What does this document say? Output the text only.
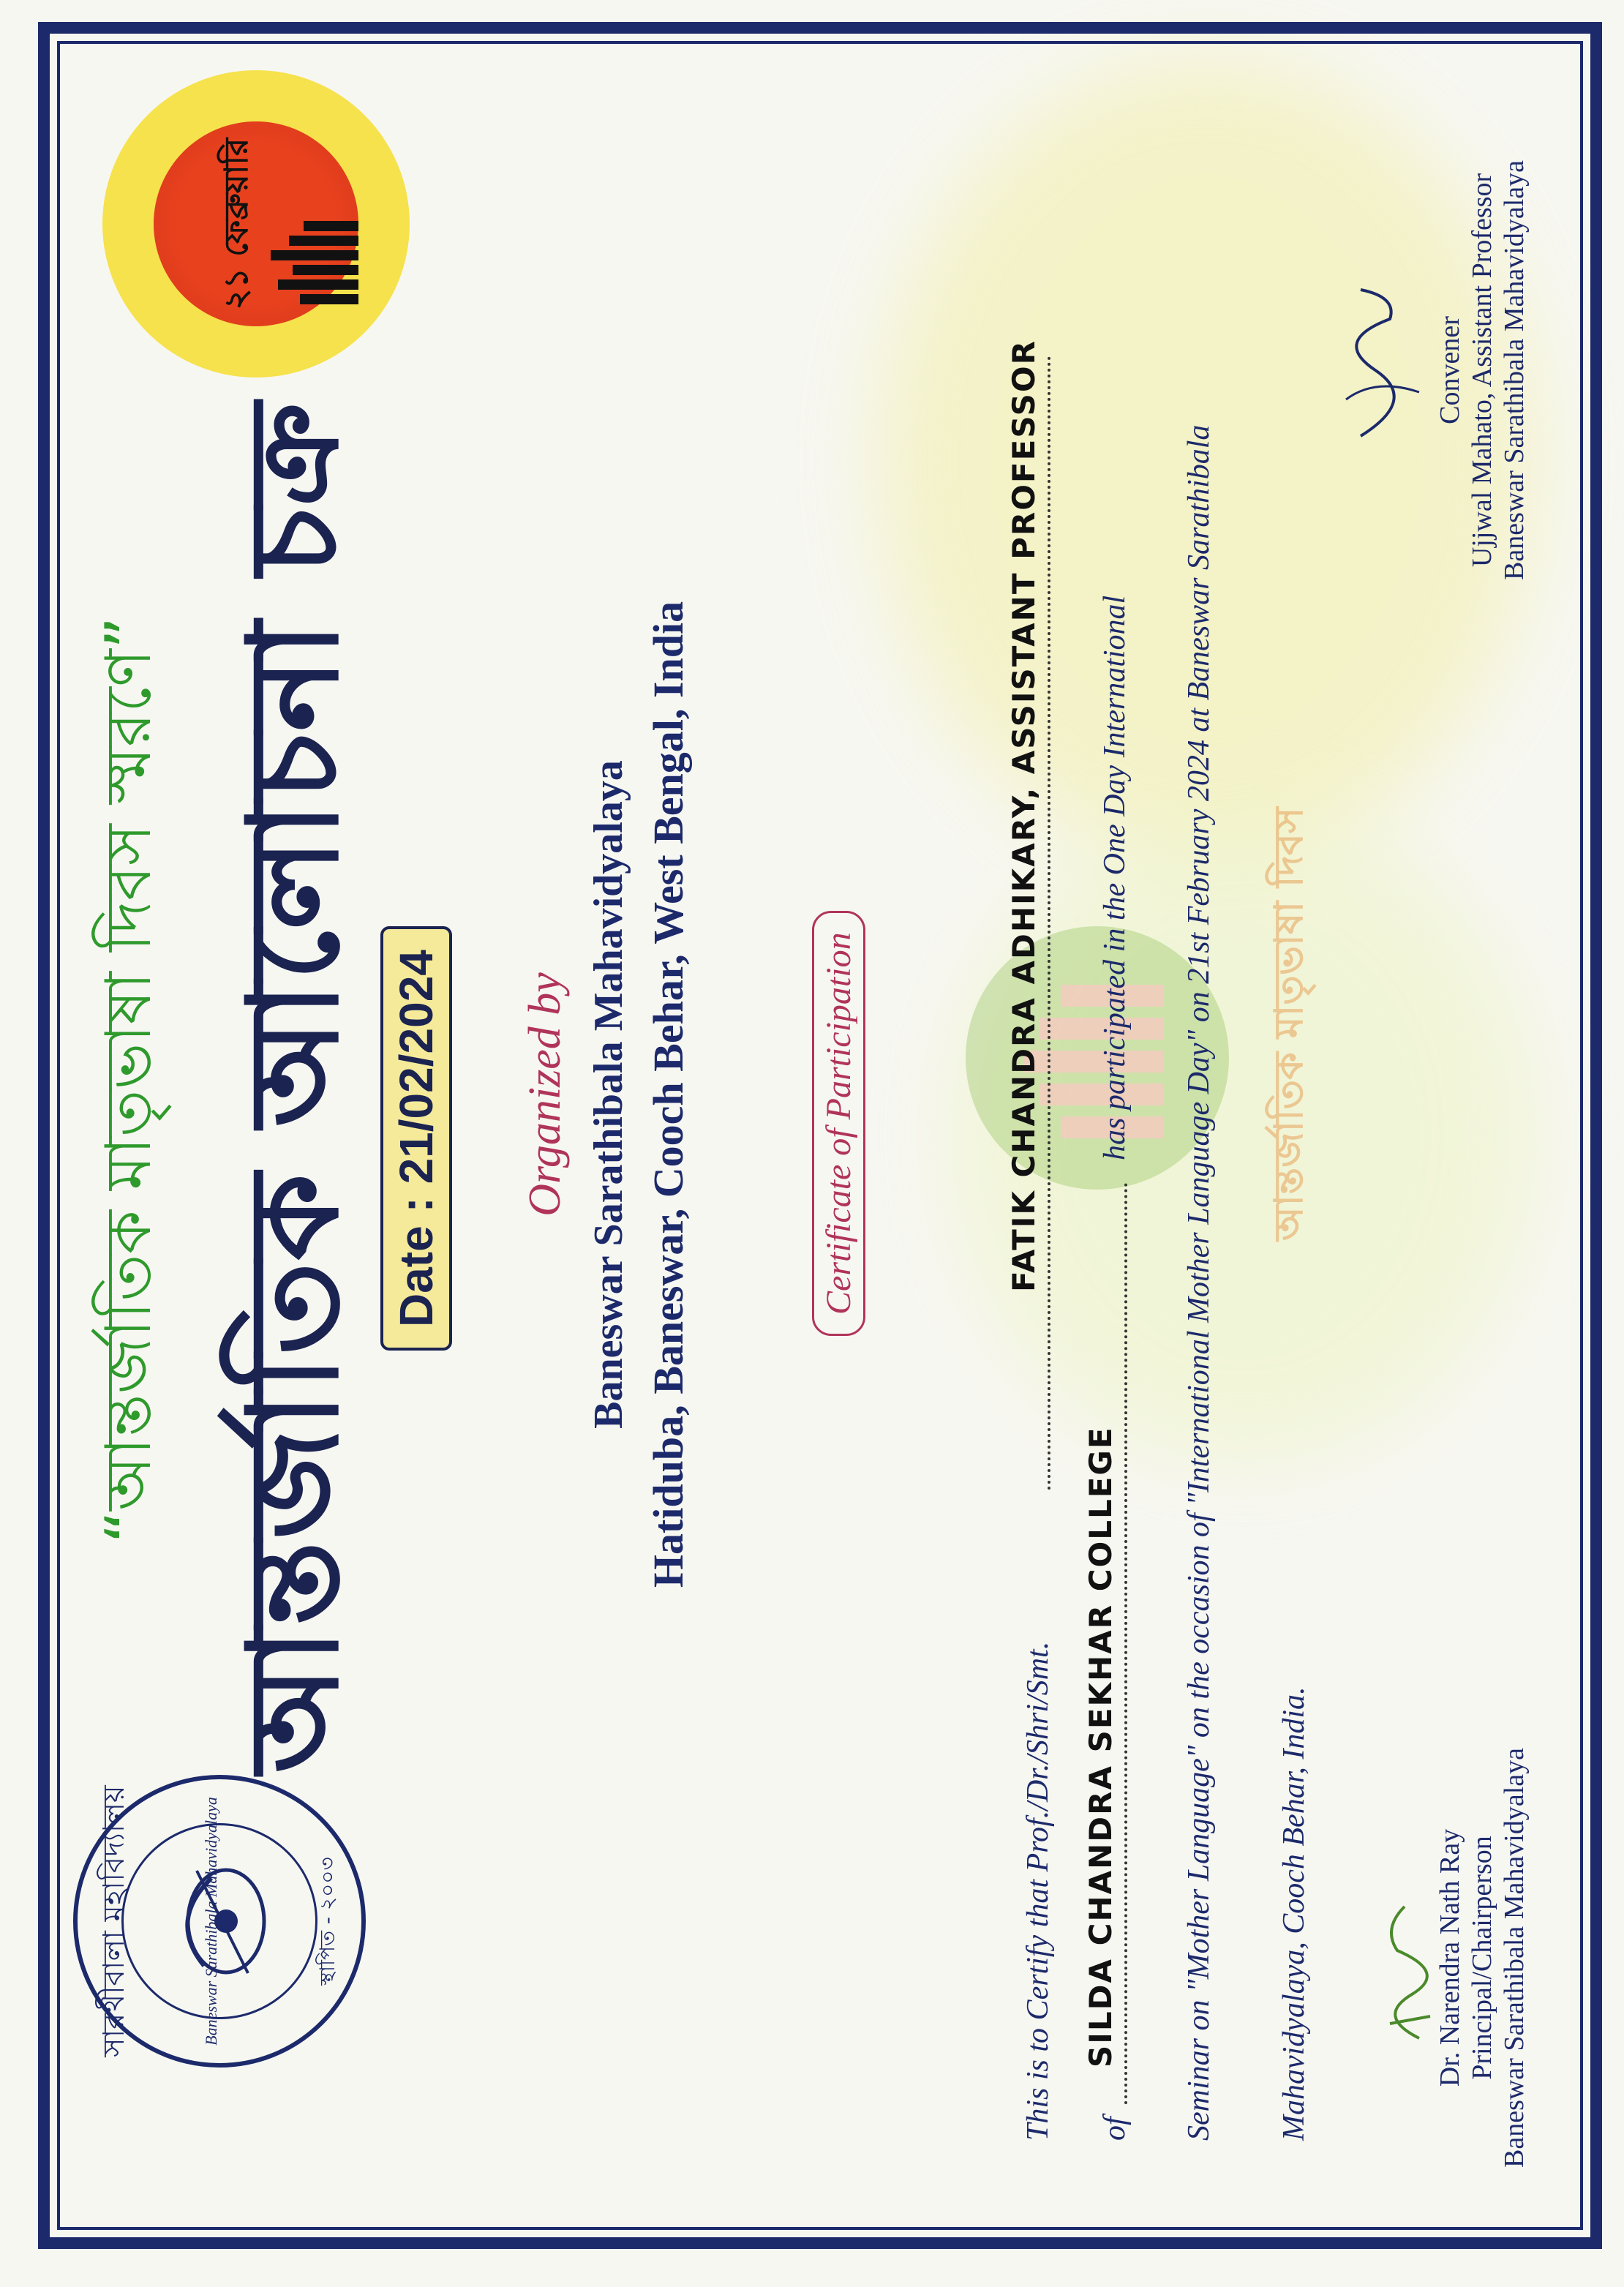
সারথীবালা মহাবিদ্যালয়	Baneswar Sarathibala Mahavidyalaya	স্থাপিত - ২০০৩
২১ ফেব্রুয়ারি
“আন্তর্জাতিক মাতৃভাষা দিবস স্মরণে” আন্তর্জাতিক আলোচনা চক্র Date : 21/02/2024 Organized by Baneswar Sarathibala Mahavidyalaya Hatiduba, Baneswar, Cooch Behar, West Bengal, India	Certificate of Participation	আন্তর্জাতিক মাতৃভাষা দিবস
This is to Certify that Prof./Dr./Shri/Smt.
FATIK CHANDRA ADHIKARY, ASSISTANT PROFESSOR
of
SILDA CHANDRA SEKHAR COLLEGE
has participated in the One Day International Seminar on "Mother Language" on the occasion of "International Mother Language Day" on 21st February 2024 at Baneswar Sarathibala Mahavidyalaya, Cooch Behar, India.	Dr. Narendra Nath Ray Principal/Chairperson Baneswar Sarathibala Mahavidyalaya
Convener Ujjwal Mahato, Assistant Professor Baneswar Sarathibala Mahavidyalaya
